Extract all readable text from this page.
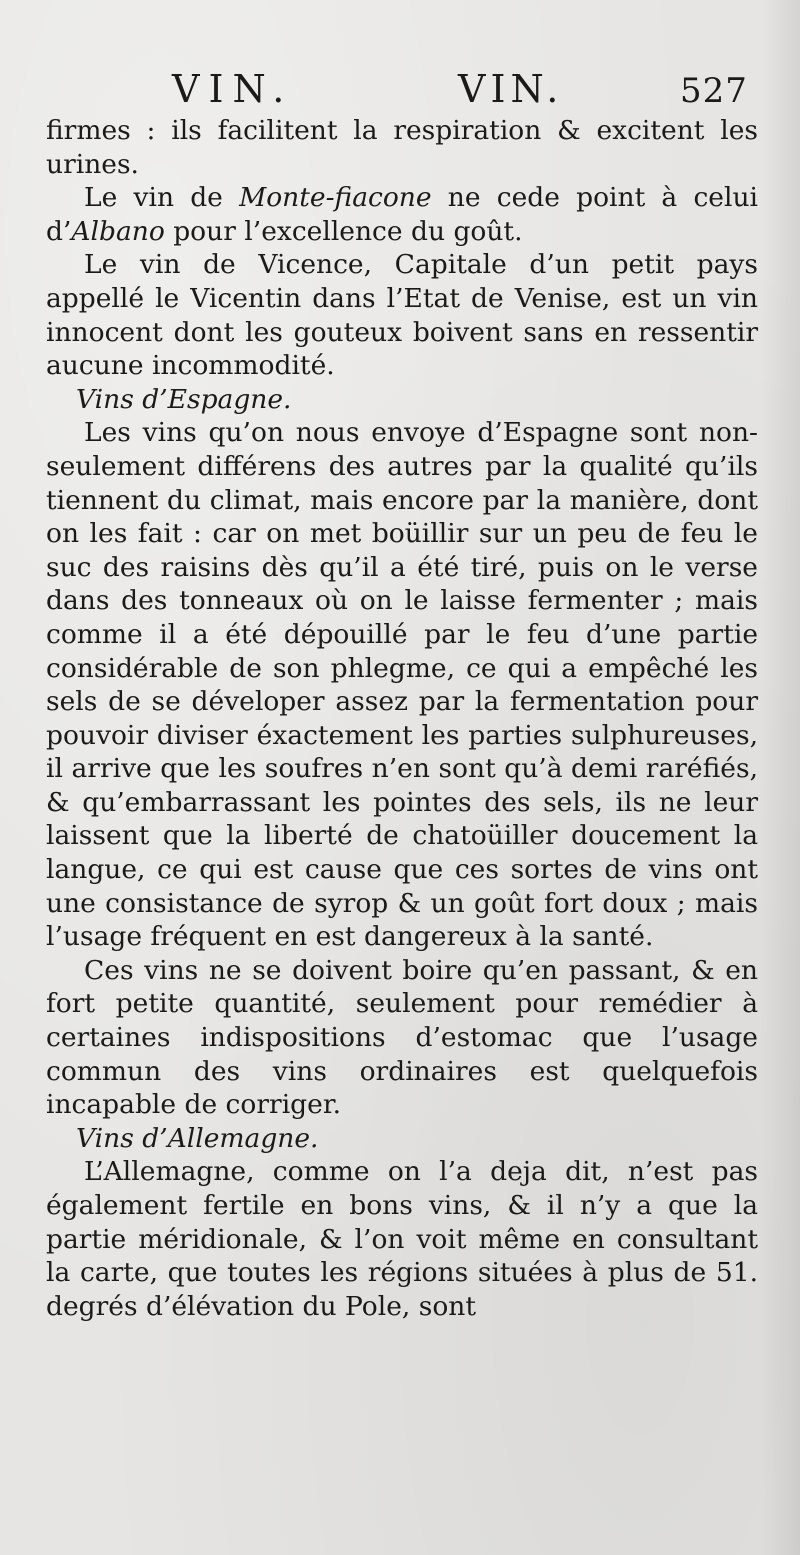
VIN.	VIN.	527

firmes : ils facilitent la respiration & excitent les urines.

Le vin de Monte-fiacone ne cede point à celui d’Albano pour l’excellence du goût.

Le vin de Vicence, Capitale d’un petit pays appellé le Vicentin dans l’Etat de Venise, est un vin innocent dont les gouteux boivent sans en ressentir aucune incommodité.

Vins d’Espagne.

Les vins qu’on nous envoye d’Espagne sont non-seulement différens des autres par la qualité qu’ils tiennent du climat, mais encore par la manière, dont on les fait : car on met boüillir sur un peu de feu le suc des raisins dès qu’il a été tiré, puis on le verse dans des tonneaux où on le laisse fermenter ; mais comme il a été dépouillé par le feu d’une partie considérable de son phlegme, ce qui a empêché les sels de se déveloper assez par la fermentation pour pouvoir diviser éxactement les parties sulphureuses, il arrive que les soufres n’en sont qu’à demi raréfiés, & qu’embarrassant les pointes des sels, ils ne leur laissent que la liberté de chatoüiller doucement la langue, ce qui est cause que ces sortes de vins ont une consistance de syrop & un goût fort doux ; mais l’usage fréquent en est dangereux à la santé.

Ces vins ne se doivent boire qu’en passant, & en fort petite quantité, seulement pour remédier à certaines indispositions d’estomac que l’usage commun des vins ordinaires est quelquefois incapable de corriger.

Vins d’Allemagne.

L’Allemagne, comme on l’a deja dit, n’est pas également fertile en bons vins, & il n’y a que la partie méridionale, & l’on voit même en consultant la carte, que toutes les régions situées à plus de 51. degrés d’élévation du Pole, sont
